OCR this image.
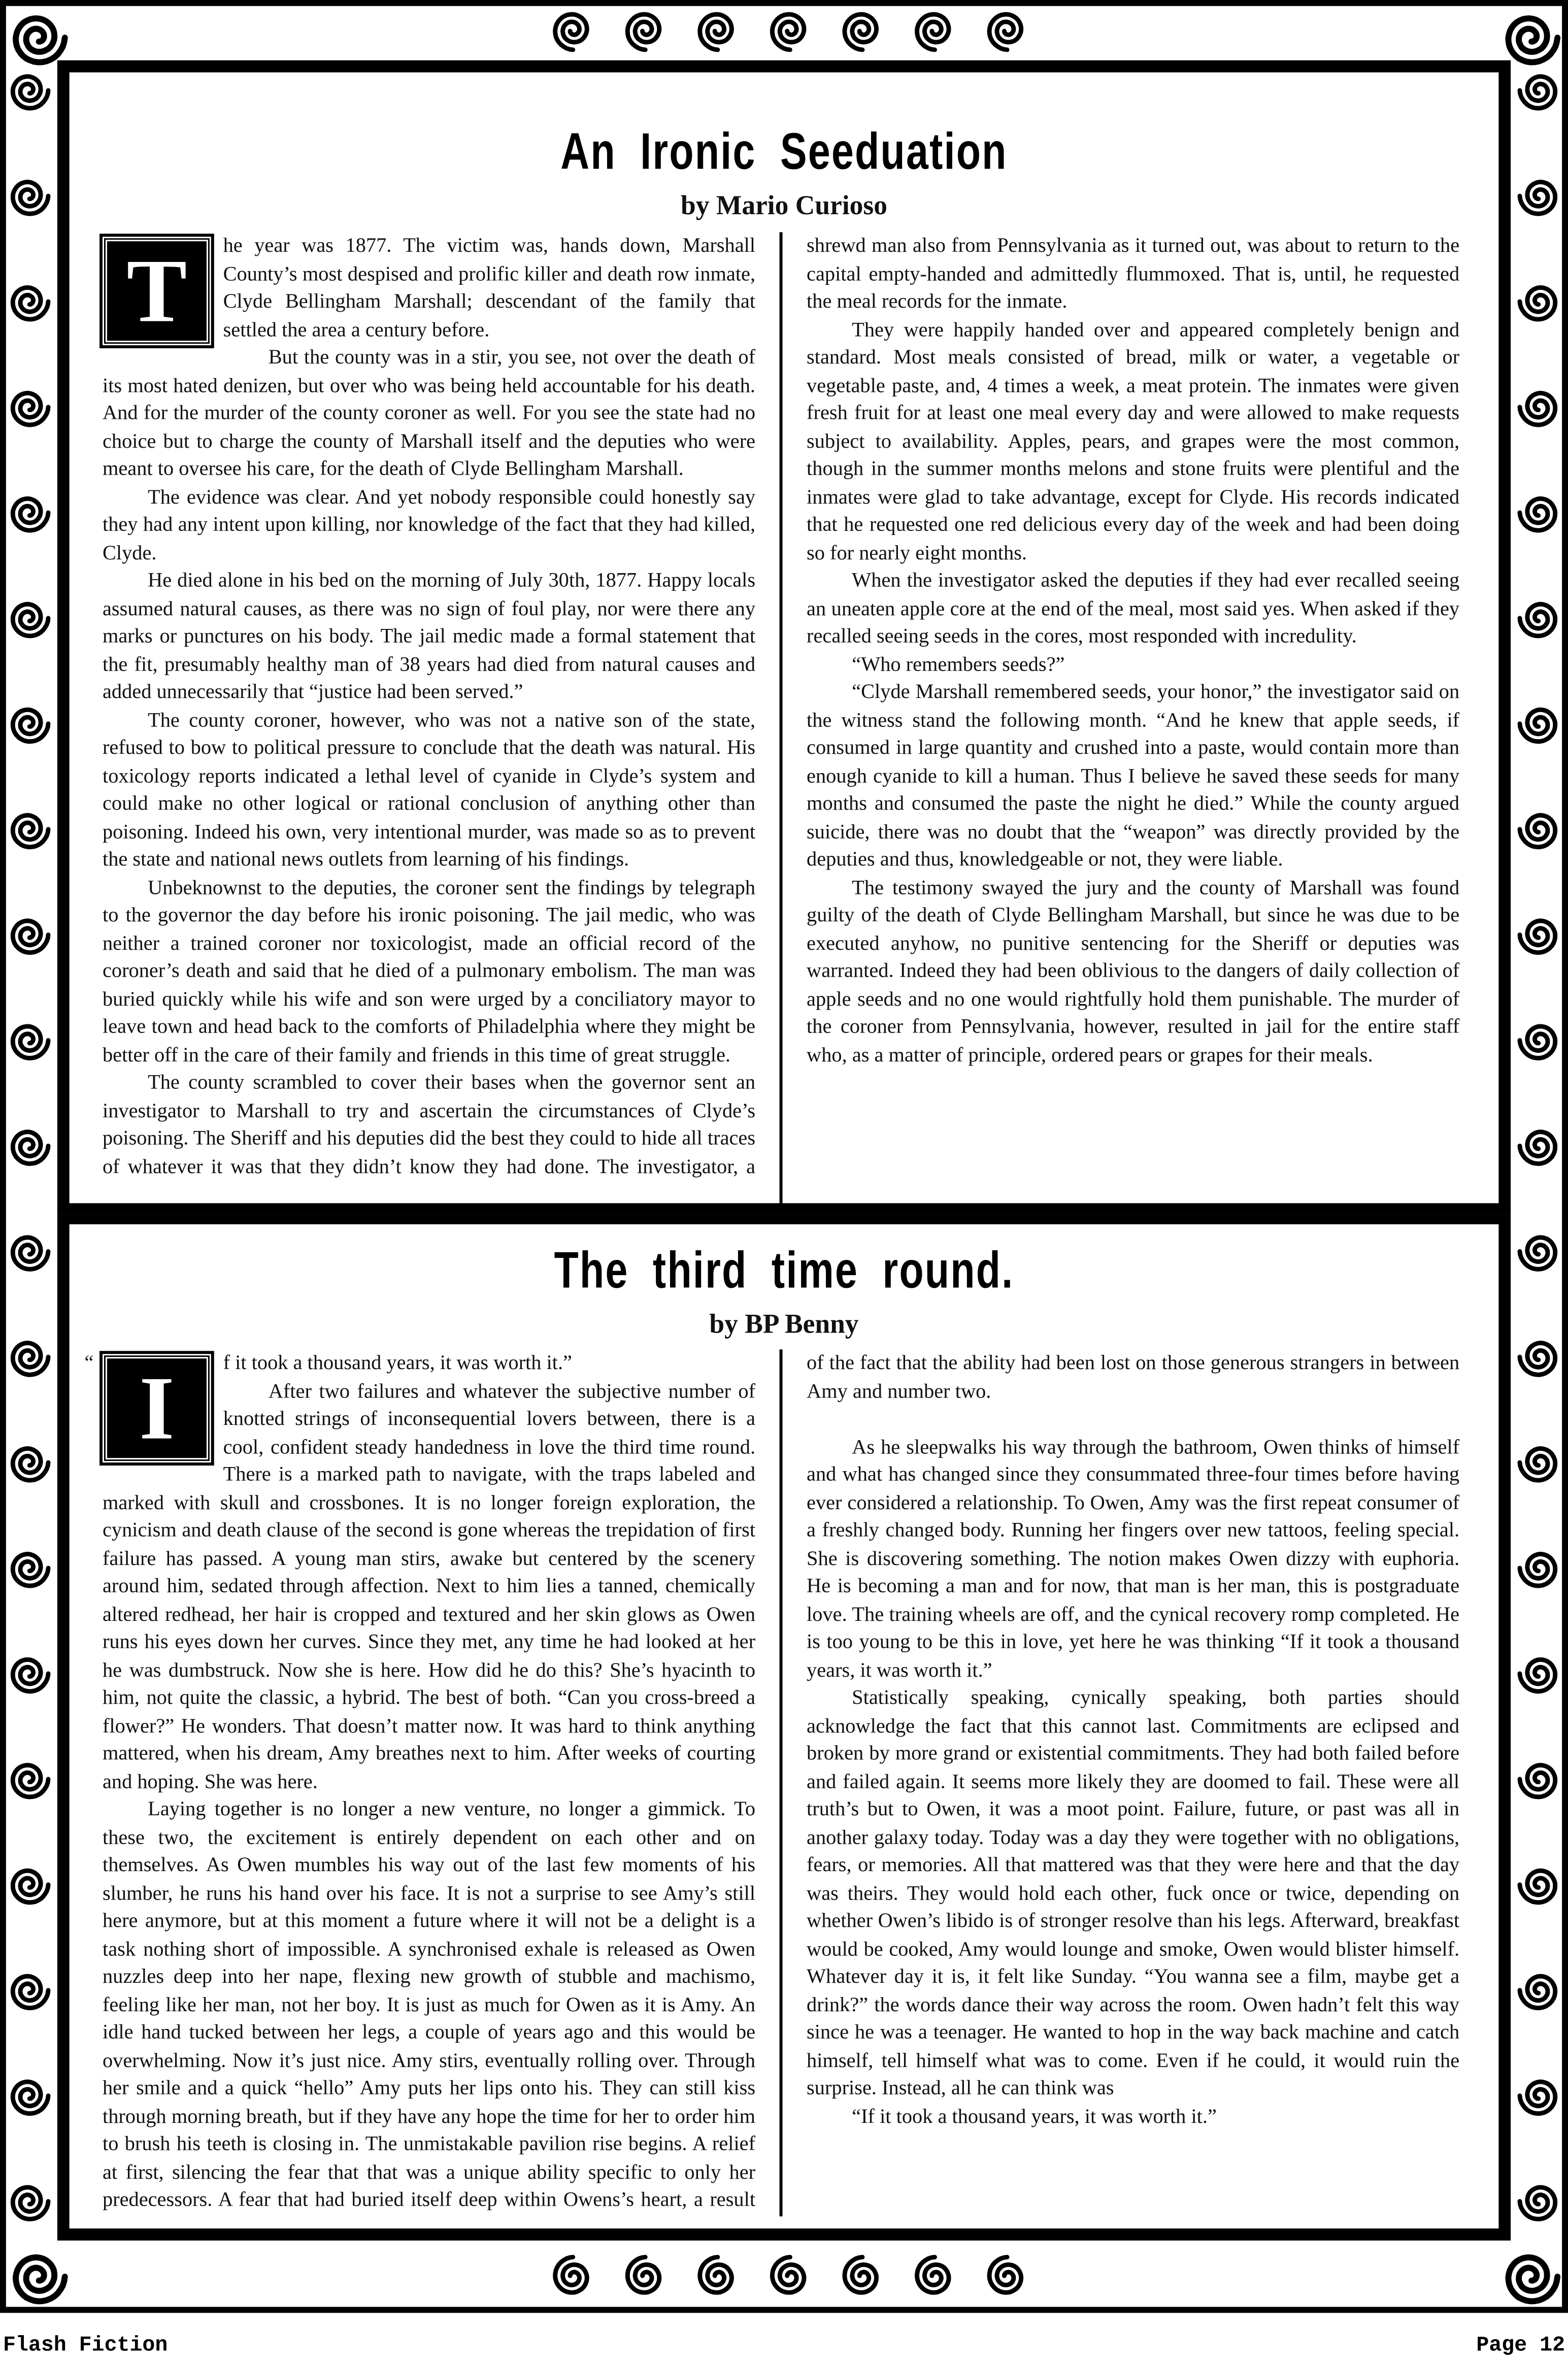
An Ironic Seeduation
by Mario Curioso

T	he year was 1877. The victim was, hands down, Marshall County’s most despised and prolific killer and death row inmate, Clyde Bellingham Marshall; descendant of the family that settled the area a century before.

But the county was in a stir, you see, not over the death of its most hated denizen, but over who was being held accountable for his death. And for the murder of the county coroner as well. For you see the state had no choice but to charge the county of Marshall itself and the deputies who were meant to oversee his care, for the death of Clyde Bellingham Marshall.

The evidence was clear. And yet nobody responsible could honestly say they had any intent upon killing, nor knowledge of the fact that they had killed, Clyde.

He died alone in his bed on the morning of July 30th, 1877. Happy locals assumed natural causes, as there was no sign of foul play, nor were there any marks or punctures on his body. The jail medic made a formal statement that the fit, presumably healthy man of 38 years had died from natural causes and added unnecessarily that “justice had been served.”

The county coroner, however, who was not a native son of the state, refused to bow to political pressure to conclude that the death was natural. His toxicology reports indicated a lethal level of cyanide in Clyde’s system and could make no other logical or rational conclusion of anything other than poisoning. Indeed his own, very intentional murder, was made so as to prevent the state and national news outlets from learning of his findings.

Unbeknownst to the deputies, the coroner sent the findings by telegraph to the governor the day before his ironic poisoning. The jail medic, who was neither a trained coroner nor toxicologist, made an official record of the coroner’s death and said that he died of a pulmonary embolism. The man was buried quickly while his wife and son were urged by a conciliatory mayor to leave town and head back to the comforts of Philadelphia where they might be better off in the care of their family and friends in this time of great struggle.

The county scrambled to cover their bases when the governor sent an investigator to Marshall to try and ascertain the circumstances of Clyde’s poisoning. The Sheriff and his deputies did the best they could to hide all traces of whatever it was that they didn’t know they had done. The investigator, a shrewd man also from Pennsylvania as it turned out, was about to return to the capital empty-handed and admittedly flummoxed. That is, until, he requested the meal records for the inmate.

They were happily handed over and appeared completely benign and standard. Most meals consisted of bread, milk or water, a vegetable or vegetable paste, and, 4 times a week, a meat protein. The inmates were given fresh fruit for at least one meal every day and were allowed to make requests subject to availability. Apples, pears, and grapes were the most common, though in the summer months melons and stone fruits were plentiful and the inmates were glad to take advantage, except for Clyde. His records indicated that he requested one red delicious every day of the week and had been doing so for nearly eight months.

When the investigator asked the deputies if they had ever recalled seeing an uneaten apple core at the end of the meal, most said yes. When asked if they recalled seeing seeds in the cores, most responded with incredulity.

“Who remembers seeds?”

“Clyde Marshall remembered seeds, your honor,” the investigator said on the witness stand the following month. “And he knew that apple seeds, if consumed in large quantity and crushed into a paste, would contain more than enough cyanide to kill a human. Thus I believe he saved these seeds for many months and consumed the paste the night he died.” While the county argued suicide, there was no doubt that the “weapon” was directly provided by the deputies and thus, knowledgeable or not, they were liable.

The testimony swayed the jury and the county of Marshall was found guilty of the death of Clyde Bellingham Marshall, but since he was due to be executed anyhow, no punitive sentencing for the Sheriff or deputies was warranted. Indeed they had been oblivious to the dangers of daily collection of apple seeds and no one would rightfully hold them punishable. The murder of the coroner from Pennsylvania, however, resulted in jail for the entire staff who, as a matter of principle, ordered pears or grapes for their meals.

The third time round.
by BP Benny

“	I	f it took a thousand years, it was worth it.”

After two failures and whatever the subjective number of knotted strings of inconsequential lovers between, there is a cool, confident steady handedness in love the third time round. There is a marked path to navigate, with the traps labeled and marked with skull and crossbones. It is no longer foreign exploration, the cynicism and death clause of the second is gone whereas the trepidation of first failure has passed. A young man stirs, awake but centered by the scenery around him, sedated through affection. Next to him lies a tanned, chemically altered redhead, her hair is cropped and textured and her skin glows as Owen runs his eyes down her curves. Since they met, any time he had looked at her he was dumbstruck. Now she is here. How did he do this? She’s hyacinth to him, not quite the classic, a hybrid. The best of both. “Can you cross-breed a flower?” He wonders. That doesn’t matter now. It was hard to think anything mattered, when his dream, Amy breathes next to him. After weeks of courting and hoping. She was here.

Laying together is no longer a new venture, no longer a gimmick. To these two, the excitement is entirely dependent on each other and on themselves. As Owen mumbles his way out of the last few moments of his slumber, he runs his hand over his face. It is not a surprise to see Amy’s still here anymore, but at this moment a future where it will not be a delight is a task nothing short of impossible. A synchronised exhale is released as Owen nuzzles deep into her nape, flexing new growth of stubble and machismo, feeling like her man, not her boy. It is just as much for Owen as it is Amy. An idle hand tucked between her legs, a couple of years ago and this would be overwhelming. Now it’s just nice. Amy stirs, eventually rolling over. Through her smile and a quick “hello” Amy puts her lips onto his. They can still kiss through morning breath, but if they have any hope the time for her to order him to brush his teeth is closing in. The unmistakable pavilion rise begins. A relief at first, silencing the fear that that was a unique ability specific to only her predecessors. A fear that had buried itself deep within Owens’s heart, a result of the fact that the ability had been lost on those generous strangers in between Amy and number two.

As he sleepwalks his way through the bathroom, Owen thinks of himself and what has changed since they consummated three-four times before having ever considered a relationship. To Owen, Amy was the first repeat consumer of a freshly changed body. Running her fingers over new tattoos, feeling special. She is discovering something. The notion makes Owen dizzy with euphoria. He is becoming a man and for now, that man is her man, this is postgraduate love. The training wheels are off, and the cynical recovery romp completed. He is too young to be this in love, yet here he was thinking “If it took a thousand years, it was worth it.”

Statistically speaking, cynically speaking, both parties should acknowledge the fact that this cannot last. Commitments are eclipsed and broken by more grand or existential commitments. They had both failed before and failed again. It seems more likely they are doomed to fail. These were all truth’s but to Owen, it was a moot point. Failure, future, or past was all in another galaxy today. Today was a day they were together with no obligations, fears, or memories. All that mattered was that they were here and that the day was theirs. They would hold each other, fuck once or twice, depending on whether Owen’s libido is of stronger resolve than his legs. Afterward, breakfast would be cooked, Amy would lounge and smoke, Owen would blister himself. Whatever day it is, it felt like Sunday. “You wanna see a film, maybe get a drink?” the words dance their way across the room. Owen hadn’t felt this way since he was a teenager. He wanted to hop in the way back machine and catch himself, tell himself what was to come. Even if he could, it would ruin the surprise. Instead, all he can think was

“If it took a thousand years, it was worth it.”

Flash Fiction	Page 12
